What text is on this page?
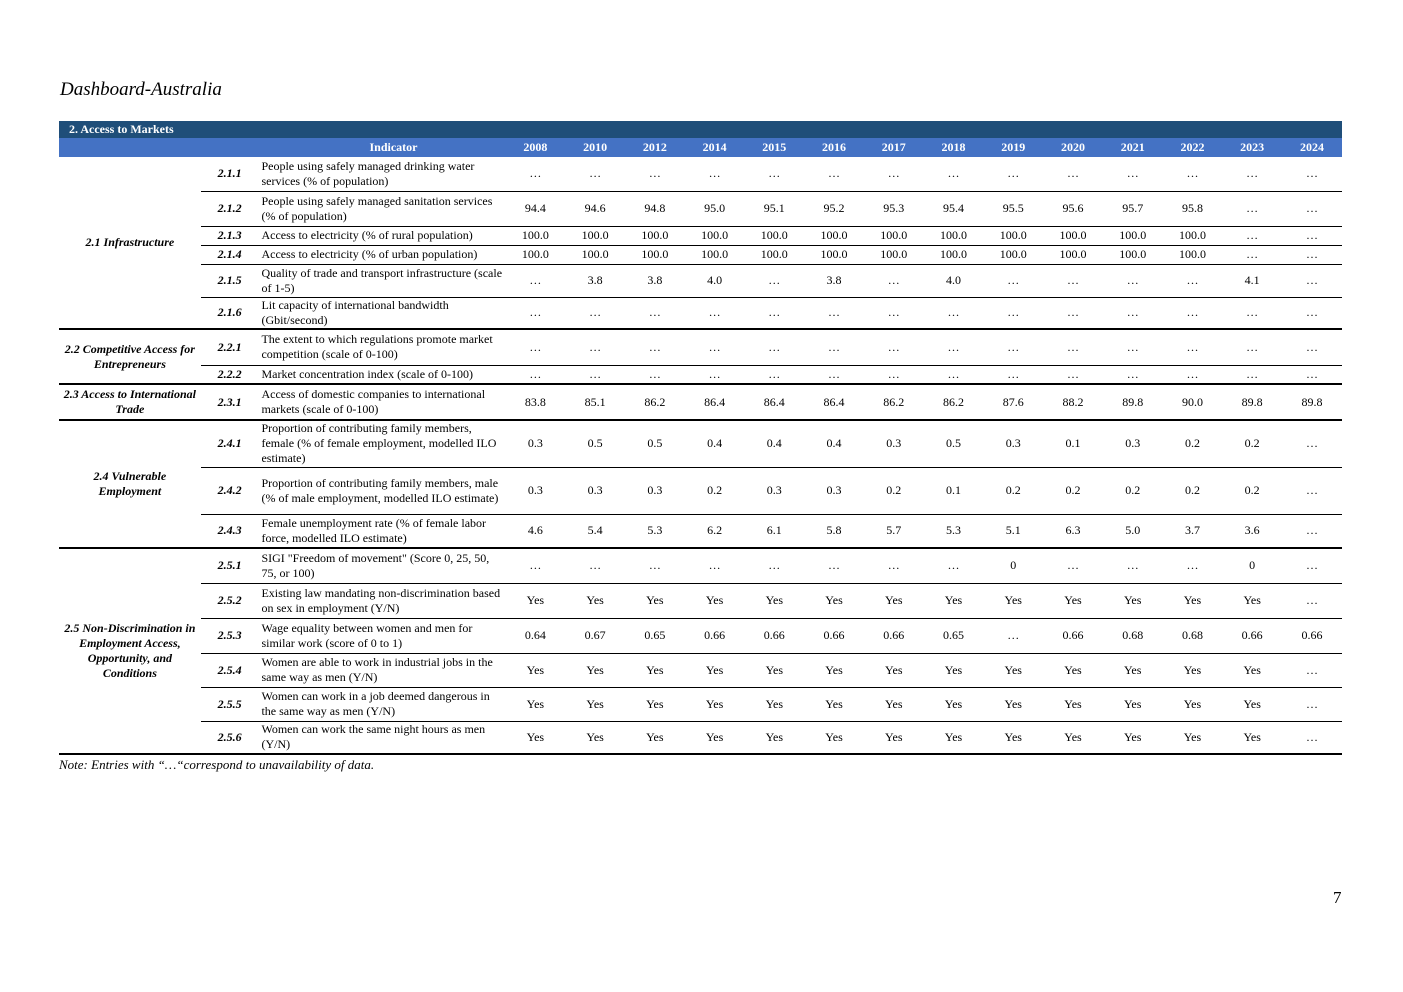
Dashboard-Australia
2. Access to Markets																
Indicator			2008	2010	2012	2014	2015	2016	2017	2018	2019	2020	2021	2022	2023	2024
2.1 Infrastructure	2.1.1	People using safely managed drinking water services (% of population)	…	…	…	…	…	…	…	…	…	…	…	…	…	…
	2.1.2	People using safely managed sanitation services (% of population)	94.4	94.6	94.8	95.0	95.1	95.2	95.3	95.4	95.5	95.6	95.7	95.8	…	…
	2.1.3	Access to electricity (% of rural population)	100.0	100.0	100.0	100.0	100.0	100.0	100.0	100.0	100.0	100.0	100.0	100.0	…	…
	2.1.4	Access to electricity (% of urban population)	100.0	100.0	100.0	100.0	100.0	100.0	100.0	100.0	100.0	100.0	100.0	100.0	…	…
	2.1.5	Quality of trade and transport infrastructure (scale of 1-5)	…	3.8	3.8	4.0	…	3.8	…	4.0	…	…	…	…	4.1	…
	2.1.6	Lit capacity of international bandwidth (Gbit/second)	…	…	…	…	…	…	…	…	…	…	…	…	…	…
2.2 Competitive Access for Entrepreneurs	2.2.1	The extent to which regulations promote market competition (scale of 0-100)	…	…	…	…	…	…	…	…	…	…	…	…	…	…
	2.2.2	Market concentration index (scale of 0-100)	…	…	…	…	…	…	…	…	…	…	…	…	…	…
2.3 Access to International Trade	2.3.1	Access of domestic companies to international markets (scale of 0-100)	83.8	85.1	86.2	86.4	86.4	86.4	86.2	86.2	87.6	88.2	89.8	90.0	89.8	89.8
2.4 Vulnerable Employment	2.4.1	Proportion of contributing family members, female (% of female employment, modelled ILO estimate)	0.3	0.5	0.5	0.4	0.4	0.4	0.3	0.5	0.3	0.1	0.3	0.2	0.2	…
	2.4.2	Proportion of contributing family members, male (% of male employment, modelled ILO estimate)	0.3	0.3	0.3	0.2	0.3	0.3	0.2	0.1	0.2	0.2	0.2	0.2	0.2	…
	2.4.3	Female unemployment rate (% of female labor force, modelled ILO estimate)	4.6	5.4	5.3	6.2	6.1	5.8	5.7	5.3	5.1	6.3	5.0	3.7	3.6	…
2.5 Non-Discrimination in Employment Access, Opportunity, and Conditions	2.5.1	SIGI "Freedom of movement" (Score 0, 25, 50, 75, or 100)	…	…	…	…	…	…	…	…	0	…	…	…	0	…
	2.5.2	Existing law mandating non-discrimination based on sex in employment (Y/N)	Yes	Yes	Yes	Yes	Yes	Yes	Yes	Yes	Yes	Yes	Yes	Yes	Yes	…
	2.5.3	Wage equality between women and men for similar work (score of 0 to 1)	0.64	0.67	0.65	0.66	0.66	0.66	0.66	0.65	…	0.66	0.68	0.68	0.66	0.66
	2.5.4	Women are able to work in industrial jobs in the same way as men (Y/N)	Yes	Yes	Yes	Yes	Yes	Yes	Yes	Yes	Yes	Yes	Yes	Yes	Yes	…
	2.5.5	Women can work in a job deemed dangerous in the same way as men (Y/N)	Yes	Yes	Yes	Yes	Yes	Yes	Yes	Yes	Yes	Yes	Yes	Yes	Yes	…
	2.5.6	Women can work the same night hours as men (Y/N)	Yes	Yes	Yes	Yes	Yes	Yes	Yes	Yes	Yes	Yes	Yes	Yes	Yes	…
Note: Entries with “…“correspond to unavailability of data.
7
